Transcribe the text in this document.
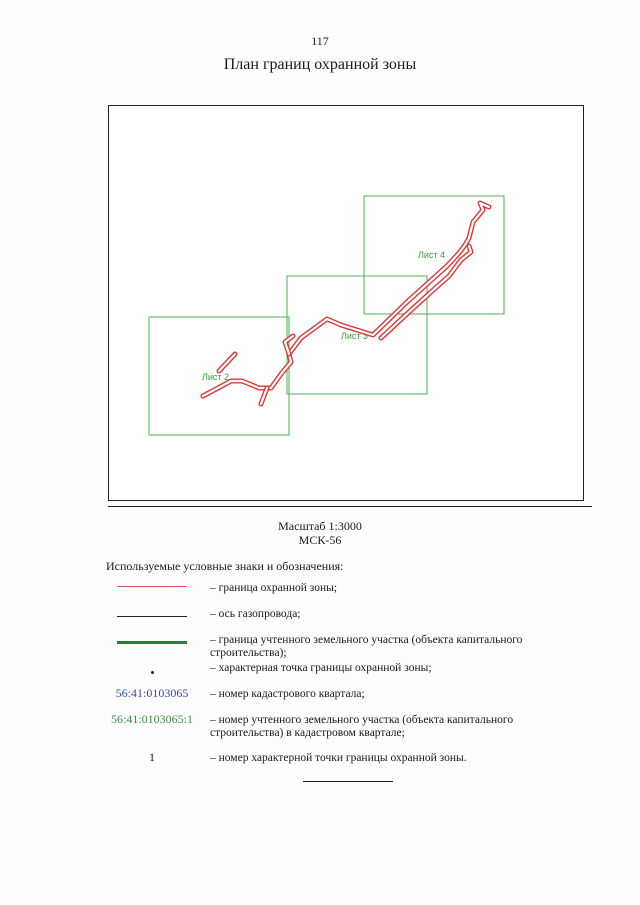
117
План границ охранной зоны
Лист 2
Лист 3
Лист 4
Масштаб 1:3000
МСК-56
Используемые условные знаки и обозначения:
– граница охранной зоны;
– ось газопровода;
– граница учтенного земельного участка (объекта капитального строительства);
– характерная точка границы охранной зоны;
56:41:0103065	– номер кадастрового квартала;
56:41:0103065:1	– номер учтенного земельного участка (объекта капитального строительства) в кадастровом квартале;
1	– номер характерной точки границы охранной зоны.
